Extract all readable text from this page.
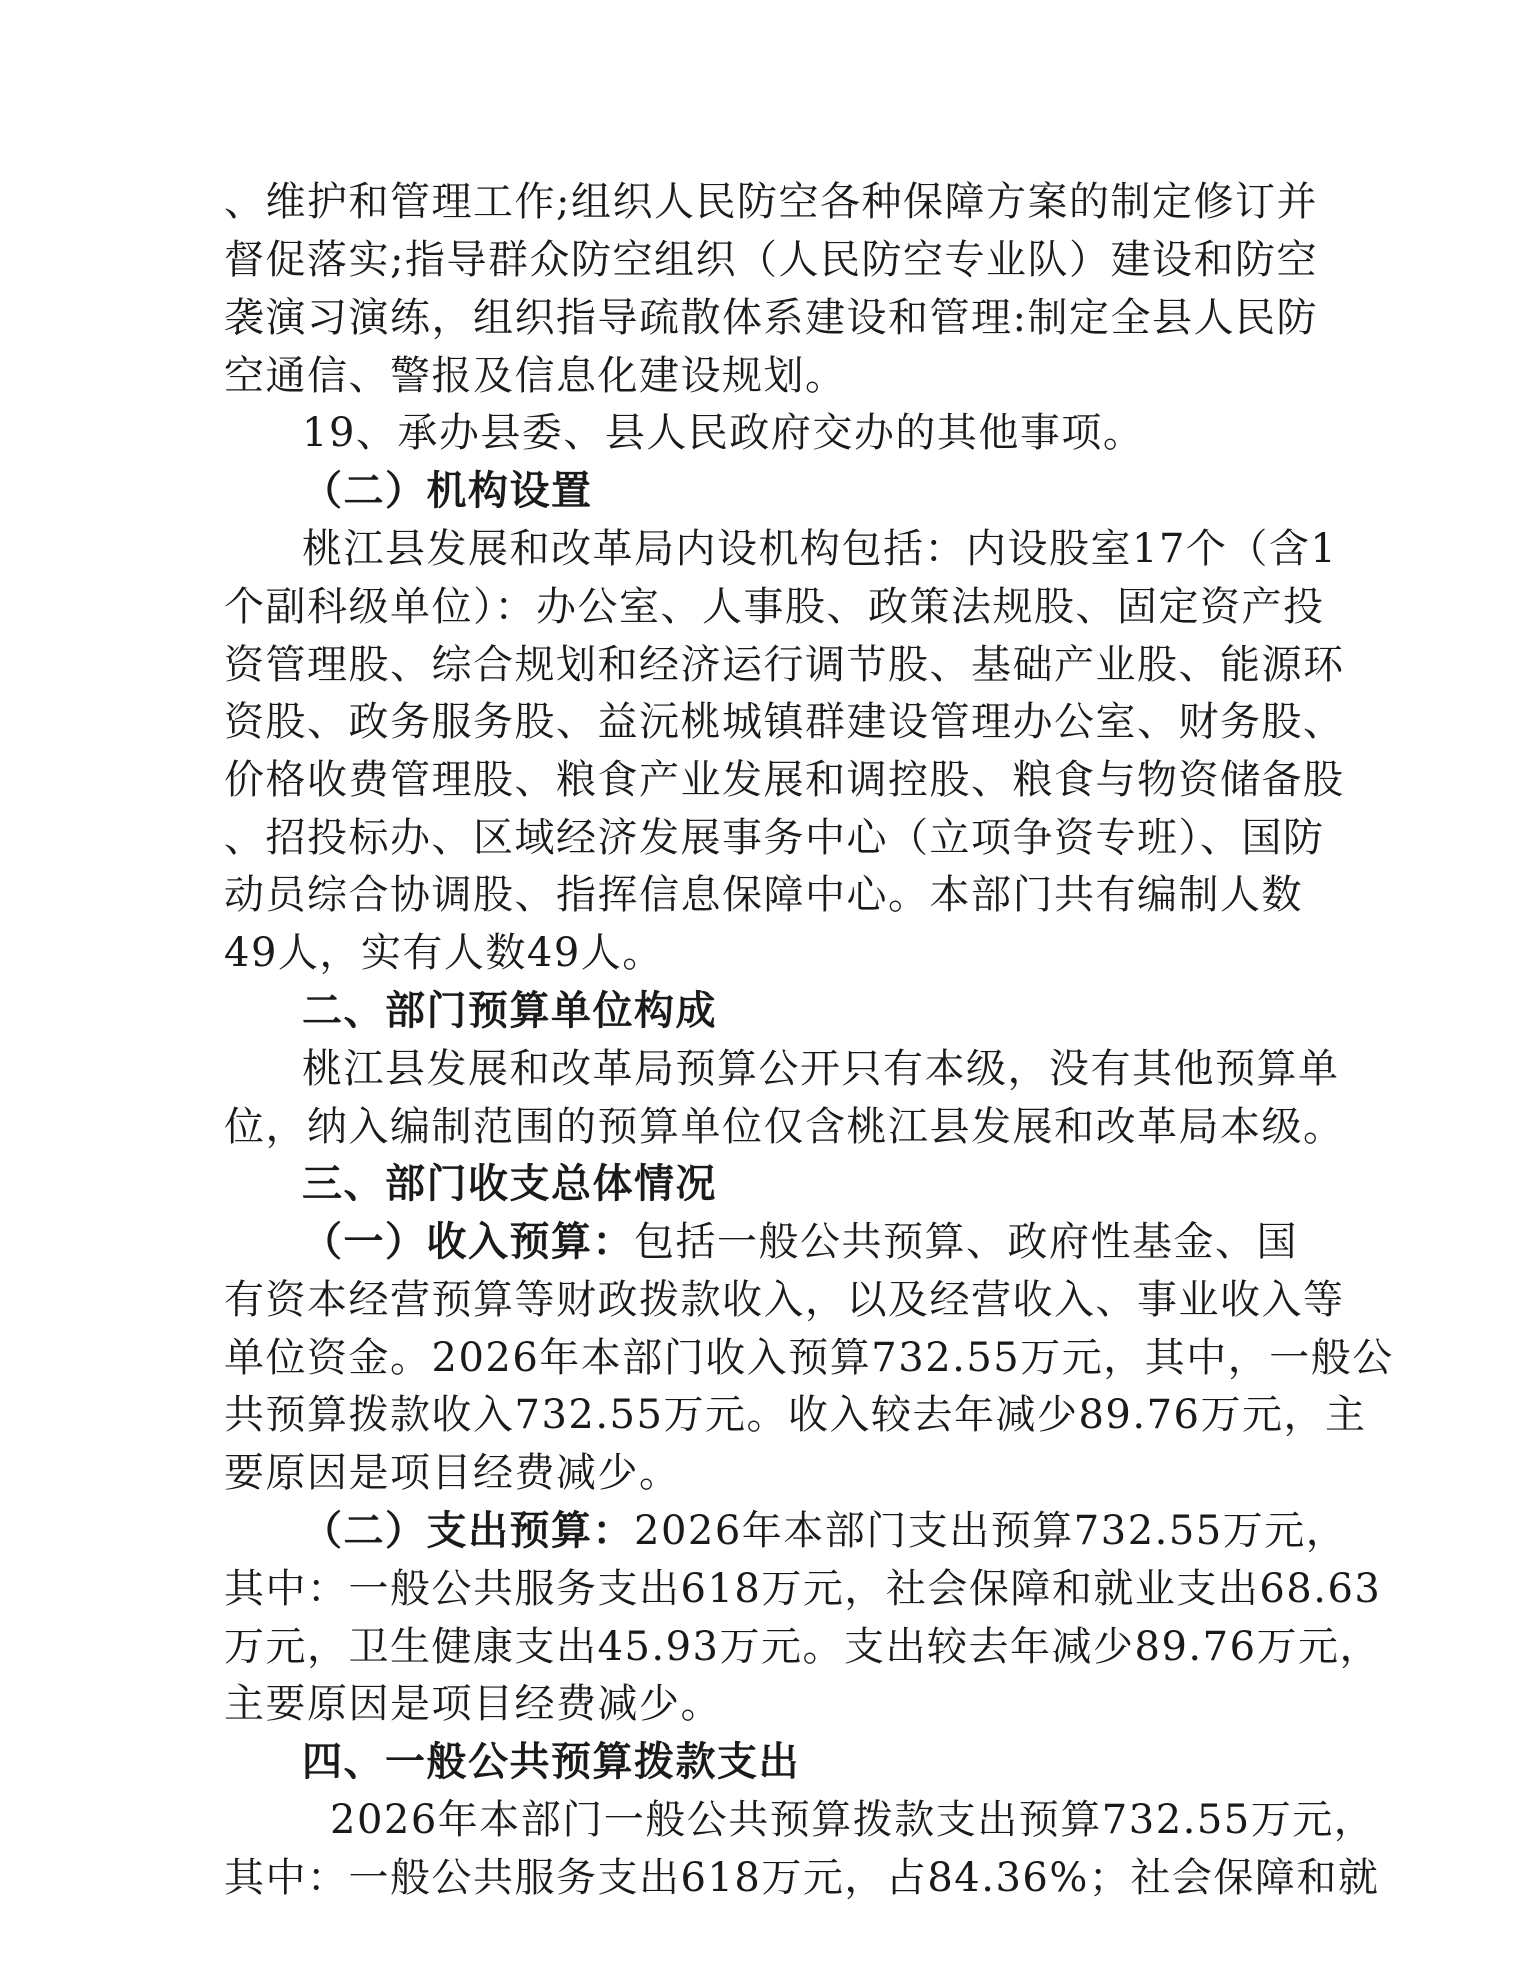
、维护和管理工作;组织人民防空各种保障方案的制定修订并
督促落实;指导群众防空组织（人民防空专业队）建设和防空
袭演习演练，组织指导疏散体系建设和管理:制定全县人民防
空通信、警报及信息化建设规划。
19、承办县委、县人民政府交办的其他事项。
（二）机构设置
桃江县发展和改革局内设机构包括：内设股室17个（含1
个副科级单位）：办公室、人事股、政策法规股、固定资产投
资管理股、综合规划和经济运行调节股、基础产业股、能源环
资股、政务服务股、益沅桃城镇群建设管理办公室、财务股、
价格收费管理股、粮食产业发展和调控股、粮食与物资储备股
、招投标办、区域经济发展事务中心（立项争资专班）、国防
动员综合协调股、指挥信息保障中心。本部门共有编制人数
49人，实有人数49人。
二、部门预算单位构成
桃江县发展和改革局预算公开只有本级，没有其他预算单
位，纳入编制范围的预算单位仅含桃江县发展和改革局本级。
三、部门收支总体情况
（一）收入预算：包括一般公共预算、政府性基金、国
有资本经营预算等财政拨款收入，以及经营收入、事业收入等
单位资金。2026年本部门收入预算732.55万元，其中，一般公
共预算拨款收入732.55万元。收入较去年减少89.76万元，主
要原因是项目经费减少。
（二）支出预算：2026年本部门支出预算732.55万元，
其中：一般公共服务支出618万元，社会保障和就业支出68.63
万元，卫生健康支出45.93万元。支出较去年减少89.76万元，
主要原因是项目经费减少。
四、一般公共预算拨款支出
2026年本部门一般公共预算拨款支出预算732.55万元，
其中：一般公共服务支出618万元，占84.36%；社会保障和就
